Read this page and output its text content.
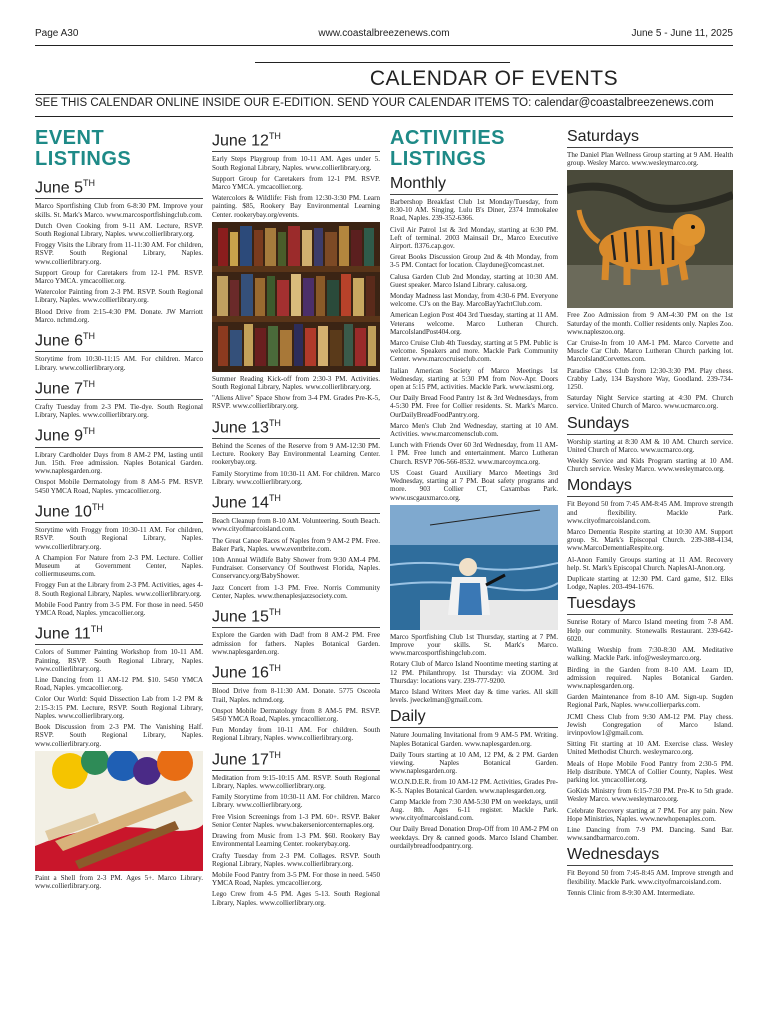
Page A30	www.coastalbreezenews.com	June 5 - June 11, 2025
CALENDAR OF EVENTS
SEE THIS CALENDAR ONLINE INSIDE OUR E-EDITION. SEND YOUR CALENDAR ITEMS TO: calendar@coastalbreezenews.com
EVENT
LISTINGS
June 5TH
Marco Sportfishing Club from 6-8:30 PM. Improve your skills. St. Mark's Marco. www.marcosportfishingclub.com.
Dutch Oven Cooking from 9-11 AM. Lecture, RSVP. South Regional Library, Naples. www.collierlibrary.org.
Froggy Visits the Library from 11-11:30 AM. For children, RSVP. South Regional Library, Naples. www.collierlibrary.org.
Support Group for Caretakers from 12-1 PM. RSVP. Marco YMCA. ymcacollier.org.
Watercolor Painting from 2-3 PM. RSVP. South Regional Library, Naples. www.collierlibrary.org.
Blood Drive from 2:15-4:30 PM. Donate. JW Marriott Marco. nchmd.org.
June 6TH
Storytime from 10:30-11:15 AM. For children. Marco Library. www.collierlibrary.org.
June 7TH
Crafty Tuesday from 2-3 PM. Tie-dye. South Regional Library, Naples. www.collierlibrary.org.
June 9TH
Library Cardholder Days from 8 AM-2 PM, lasting until Jun. 15th. Free admission. Naples Botanical Garden. www.naplesgarden.org.
Onspot Mobile Dermatology from 8 AM-5 PM. RSVP. 5450 YMCA Road, Naples. ymcacollier.org.
June 10TH
Storytime with Froggy from 10:30-11 AM. For children, RSVP. South Regional Library, Naples. www.collierlibrary.org.
A Champion For Nature from 2-3 PM. Lecture. Collier Museum at Government Center, Naples. colliermuseums.com.
Froggy Fun at the Library from 2-3 PM. Activities, ages 4-8. South Regional Library, Naples. www.collierlibrary.org.
Mobile Food Pantry from 3-5 PM. For those in need. 5450 YMCA Road, Naples. ymcacollier.org.
June 11TH
Colors of Summer Painting Workshop from 10-11 AM. Painting. RSVP. South Regional Library, Naples. www.collierlibrary.org.
Line Dancing from 11 AM-12 PM. $10. 5450 YMCA Road, Naples. ymcacollier.org.
Color Our World: Squid Dissection Lab from 1-2 PM & 2:15-3:15 PM. Lecture, RSVP. South Regional Library, Naples. www.collierlibrary.org.
Book Discussion from 2-3 PM. The Vanishing Half. RSVP. South Regional Library, Naples. www.collierlibrary.org.
Paint a Shell from 2-3 PM. Ages 5+. Marco Library. www.collierlibrary.org.
June 12TH
Early Steps Playgroup from 10-11 AM. Ages under 5. South Regional Library, Naples. www.collierlibrary.org.
Support Group for Caretakers from 12-1 PM. RSVP. Marco YMCA. ymcacollier.org.
Watercolors & Wildlife: Fish from 12:30-3:30 PM. Learn painting. $85, Rookery Bay Environmental Learning Center. rookerybay.org/events.
Summer Reading Kick-off from 2:30-3 PM. Activities. South Regional Library, Naples. www.collierlibrary.org.
"Aliens Alive" Space Show from 3-4 PM. Grades Pre-K-5, RSVP. www.collierlibrary.org.
June 13TH
Behind the Scenes of the Reserve from 9 AM-12:30 PM. Lecture. Rookery Bay Environmental Learning Center. rookerybay.org.
Family Storytime from 10:30-11 AM. For children. Marco Library. www.collierlibrary.org.
June 14TH
Beach Cleanup from 8-10 AM. Volunteering. South Beach. www.cityofmarcoisland.com.
The Great Canoe Races of Naples from 9 AM-2 PM. Free. Baker Park, Naples. www.eventbrite.com.
10th Annual Wildlife Baby Shower from 9:30 AM-4 PM. Fundraiser. Conservancy Of Southwest Florida, Naples. Conservancy.org/BabyShower.
Jazz Concert from 1-3 PM. Free. Norris Community Center, Naples. www.thenaplesjazzsociety.com.
June 15TH
Explore the Garden with Dad! from 8 AM-2 PM. Free admission for fathers. Naples Botanical Garden. www.naplesgarden.org.
June 16TH
Blood Drive from 8-11:30 AM. Donate. 5775 Osceola Trail, Naples. nchmd.org.
Onspot Mobile Dermatology from 8 AM-5 PM. RSVP. 5450 YMCA Road, Naples. ymcacollier.org.
Fun Monday from 10-11 AM. For children. South Regional Library, Naples. www.collierlibrary.org.
June 17TH
Meditation from 9:15-10:15 AM. RSVP. South Regional Library, Naples. www.collierlibrary.org.
Family Storytime from 10:30-11 AM. For children. Marco Library. www.collierlibrary.org.
Free Vision Screenings from 1-3 PM. 60+. RSVP. Baker Senior Center Naples. www.bakerseniorcenternaples.org.
Drawing from Music from 1-3 PM. $60. Rookery Bay Environmental Learning Center. rookerybay.org.
Crafty Tuesday from 2-3 PM. Collages. RSVP. South Regional Library, Naples. www.collierlibrary.org.
Mobile Food Pantry from 3-5 PM. For those in need. 5450 YMCA Road, Naples. ymcacollier.org.
Lego Crew from 4-5 PM. Ages 5-13. South Regional Library, Naples. www.collierlibrary.org.
ACTIVITIES
LISTINGS
Monthly
Barbershop Breakfast Club 1st Monday/Tuesday, from 8:30-10 AM. Singing. Lulu B's Diner, 2374 Immokalee Road, Naples. 239-352-6366.
Civil Air Patrol 1st & 3rd Monday, starting at 6:30 PM. Left of terminal. 2003 Mainsail Dr., Marco Executive Airport. fl376.cap.gov.
Great Books Discussion Group 2nd & 4th Monday, from 3-5 PM. Contact for location. Claydune@comcast.net.
Calusa Garden Club 2nd Monday, starting at 10:30 AM. Guest speaker. Marco Island Library. calusa.org.
Monday Madness last Monday, from 4:30-6 PM. Everyone welcome. CJ's on the Bay. MarcoBayYachtClub.com.
American Legion Post 404 3rd Tuesday, starting at 11 AM. Veterans welcome. Marco Lutheran Church. MarcoIslandPost404.org.
Marco Cruise Club 4th Tuesday, starting at 5 PM. Public is welcome. Speakers and more. Mackle Park Community Center. www.marcocruiseclub.com.
Italian American Society of Marco Meetings 1st Wednesday, starting at 5:30 PM from Nov-Apr. Doors open at 5:15 PM, activities. Mackle Park. www.iasmi.org.
Our Daily Bread Food Pantry 1st & 3rd Wednesdays, from 4-5:30 PM. Free for Collier residents. St. Mark's Marco. OurDailyBreadFoodPantry.org.
Marco Men's Club 2nd Wednesday, starting at 10 AM. Activities. www.marcomensclub.com.
Lunch with Friends Over 60 3rd Wednesday, from 11 AM-1 PM. Free lunch and entertainment. Marco Lutheran Church. RSVP 706-566-8532. www.marcoymca.org.
US Coast Guard Auxiliary Marco Meetings 3rd Wednesday, starting at 7 PM. Boat safety programs and more. 903 Collier CT, Caxambas Park. www.uscgauxmarco.org.
Marco Sportfishing Club 1st Thursday, starting at 7 PM. Improve your skills. St. Mark's Marco. www.marcosportfishingclub.com.
Rotary Club of Marco Island Noontime meeting starting at 12 PM. Philanthropy. 1st Thursday: via ZOOM. 3rd Thursday: locations vary. 239-777-9200.
Marco Island Writers Meet day & time varies. All skill levels. jweckelman@gmail.com.
Daily
Nature Journaling Invitational from 9 AM-5 PM. Writing. Naples Botanical Garden. www.naplesgarden.org.
Daily Tours starting at 10 AM, 12 PM, & 2 PM. Garden viewing. Naples Botanical Garden. www.naplesgarden.org.
W.O.N.D.E.R. from 10 AM-12 PM. Activities, Grades Pre-K-5. Naples Botanical Garden. www.naplesgarden.org.
Camp Mackle from 7:30 AM-5:30 PM on weekdays, until Aug. 8th. Ages 6-11 register. Mackle Park. www.cityofmarcoisland.com.
Our Daily Bread Donation Drop-Off from 10 AM-2 PM on weekdays. Dry & canned goods. Marco Island Chamber. ourdailybreadfoodpantry.org.
Saturdays
The Daniel Plan Wellness Group starting at 9 AM. Health group. Wesley Marco. www.wesleymarco.org.
Free Zoo Admission from 9 AM-4:30 PM on the 1st Saturday of the month. Collier residents only. Naples Zoo. www.napleszoo.org.
Car Cruise-In from 10 AM-1 PM. Marco Corvette and Muscle Car Club. Marco Lutheran Church parking lot. MarcoIslandCorvettes.com.
Paradise Chess Club from 12:30-3:30 PM. Play chess. Crabby Lady, 134 Bayshore Way, Goodland. 239-734-1250.
Saturday Night Service starting at 4:30 PM. Church service. United Church of Marco. www.ucmarco.org.
Sundays
Worship starting at 8:30 AM & 10 AM. Church service. United Church of Marco. www.ucmarco.org.
Weekly Service and Kids Program starting at 10 AM. Church service. Wesley Marco. www.wesleymarco.org.
Mondays
Fit Beyond 50 from 7:45 AM-8:45 AM. Improve strength and flexibility. Mackle Park. www.cityofmarcoisland.com.
Marco Dementia Respite starting at 10:30 AM. Support group. St. Mark's Episcopal Church. 239-388-4134, www.MarcoDementiaRespite.org.
Al-Anon Family Groups starting at 11 AM. Recovery help. St. Mark's Episcopal Church. NaplesAl-Anon.org.
Duplicate starting at 12:30 PM. Card game, $12. Elks Lodge, Naples. 203-494-1676.
Tuesdays
Sunrise Rotary of Marco Island meeting from 7-8 AM. Help our community. Stonewalls Restaurant. 239-642-6020.
Walking Worship from 7:30-8:30 AM. Meditative walking. Mackle Park. info@wesleymarco.org.
Birding in the Garden from 8-10 AM. Learn ID, admission required. Naples Botanical Garden. www.naplesgarden.org.
Garden Maintenance from 8-10 AM. Sign-up. Sugden Regional Park, Naples. www.collierparks.com.
JCMI Chess Club from 9:30 AM-12 PM. Play chess. Jewish Congregation of Marco Island. irvinpovlow1@gmail.com.
Sitting Fit starting at 10 AM. Exercise class. Wesley United Methodist Church. wesleymarco.org.
Meals of Hope Mobile Food Pantry from 2:30-5 PM. Help distribute. YMCA of Collier County, Naples. West parking lot. ymcacollier.org.
GoKids Ministry from 6:15-7:30 PM. Pre-K to 5th grade. Wesley Marco. www.wesleymarco.org.
Celebrate Recovery starting at 7 PM. For any pain. New Hope Ministries, Naples. www.newhopenaples.com.
Line Dancing from 7-9 PM. Dancing. Sand Bar. www.sandbarmarco.com.
Wednesdays
Fit Beyond 50 from 7:45-8:45 AM. Improve strength and flexibility. Mackle Park. www.cityofmarcoisland.com.
Tennis Clinic from 8-9:30 AM. Intermediate.
